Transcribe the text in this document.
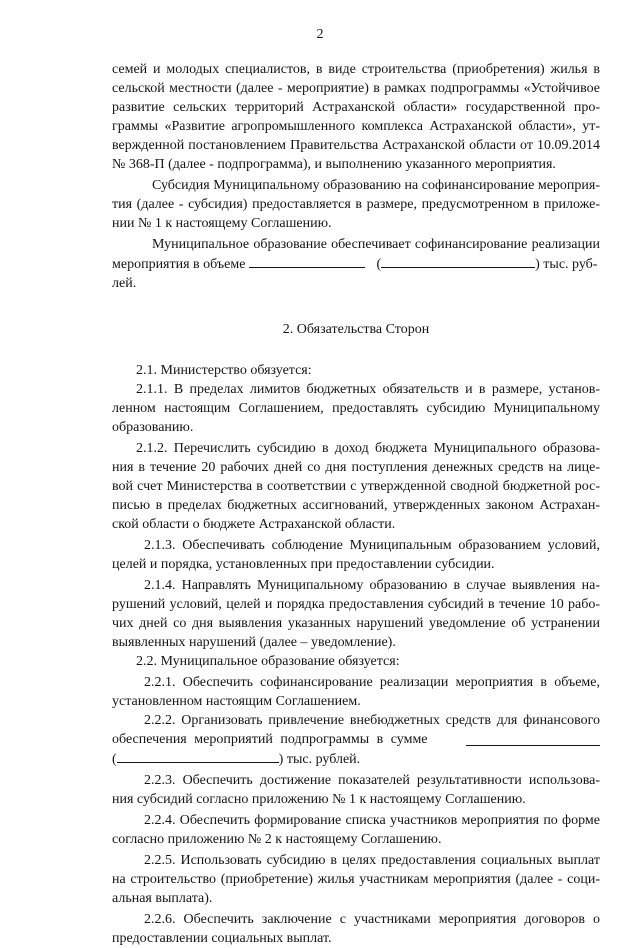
2
семей и молодых специалистов, в виде строительства (приобретения) жилья в
сельской местности (далее - мероприятие) в рамках подпрограммы «Устойчивое
развитие сельских территорий Астраханской области» государственной про-
граммы «Развитие агропромышленного комплекса Астраханской области», ут-
вержденной постановлением Правительства Астраханской области от 10.09.2014
№ 368-П (далее - подпрограмма), и выполнению указанного мероприятия.
Субсидия Муниципальному образованию на софинансирование мероприя-
тия (далее - субсидия) предоставляется в размере, предусмотренном в приложе-
нии № 1 к настоящему Соглашению.
Муниципальное образование обеспечивает софинансирование реализации
мероприятия в объеме	(	) тыс. руб-
лей.
2. Обязательства Сторон
2.1. Министерство обязуется:
2.1.1. В пределах лимитов бюджетных обязательств и в размере, установ-
ленном настоящим Соглашением, предоставлять субсидию Муниципальному
образованию.
2.1.2. Перечислить субсидию в доход бюджета Муниципального образова-
ния в течение 20 рабочих дней со дня поступления денежных средств на лице-
вой счет Министерства в соответствии с утвержденной сводной бюджетной рос-
писью в пределах бюджетных ассигнований, утвержденных законом Астрахан-
ской области о бюджете Астраханской области.
2.1.3. Обеспечивать соблюдение Муниципальным образованием условий,
целей и порядка, установленных при предоставлении субсидии.
2.1.4. Направлять Муниципальному образованию в случае выявления на-
рушений условий, целей и порядка предоставления субсидий в течение 10 рабо-
чих дней со дня выявления указанных нарушений уведомление об устранении
выявленных нарушений (далее – уведомление).
2.2. Муниципальное образование обязуется:
2.2.1. Обеспечить софинансирование реализации мероприятия в объеме,
установленном настоящим Соглашением.
2.2.2. Организовать привлечение внебюджетных средств для финансового
обеспечения мероприятий подпрограммы в сумме
(	) тыс. рублей.
2.2.3. Обеспечить достижение показателей результативности использова-
ния субсидий согласно приложению № 1 к настоящему Соглашению.
2.2.4. Обеспечить формирование списка участников мероприятия по форме
согласно приложению № 2 к настоящему Соглашению.
2.2.5. Использовать субсидию в целях предоставления социальных выплат
на строительство (приобретение) жилья участникам мероприятия (далее - соци-
альная выплата).
2.2.6. Обеспечить заключение с участниками мероприятия договоров о
предоставлении социальных выплат.
